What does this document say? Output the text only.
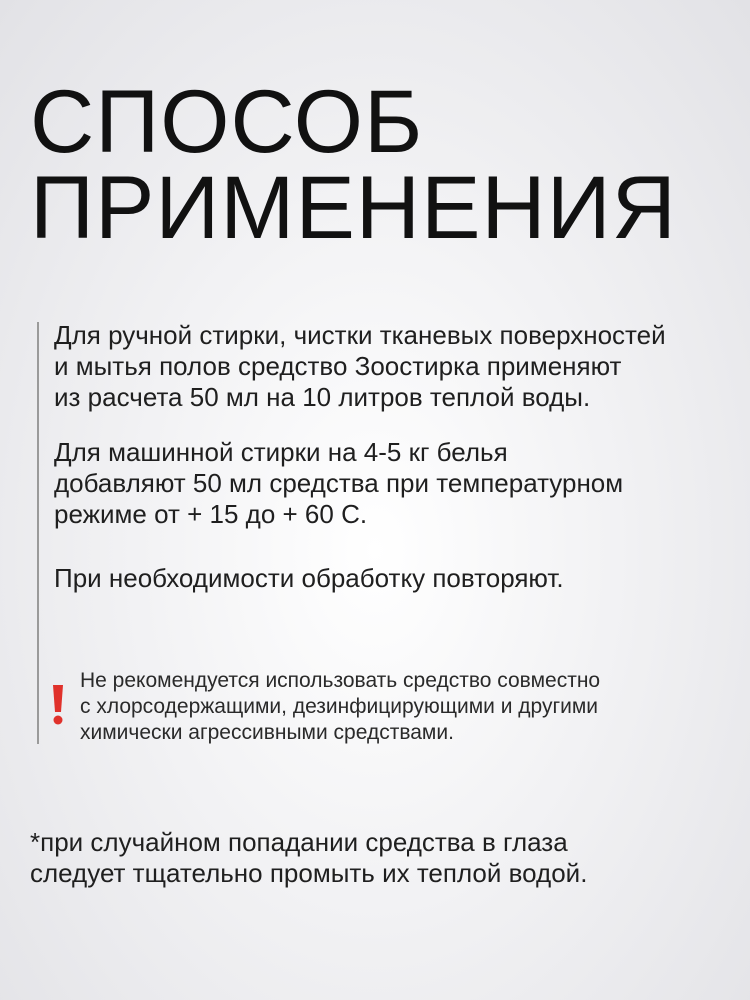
СПОСОБ
ПРИМЕНЕНИЯ

Для ручной стирки, чистки тканевых поверхностей
и мытья полов средство Зоостирка применяют
из расчета 50 мл на 10 литров теплой воды.

Для машинной стирки на 4-5 кг белья
добавляют 50 мл средства при температурном
режиме от + 15 до + 60 С.

При необходимости обработку повторяют.

Не рекомендуется использовать средство совместно
с хлорсодержащими, дезинфицирующими и другими
химически агрессивными средствами.

*при случайном попадании средства в глаза
следует тщательно промыть их теплой водой.
